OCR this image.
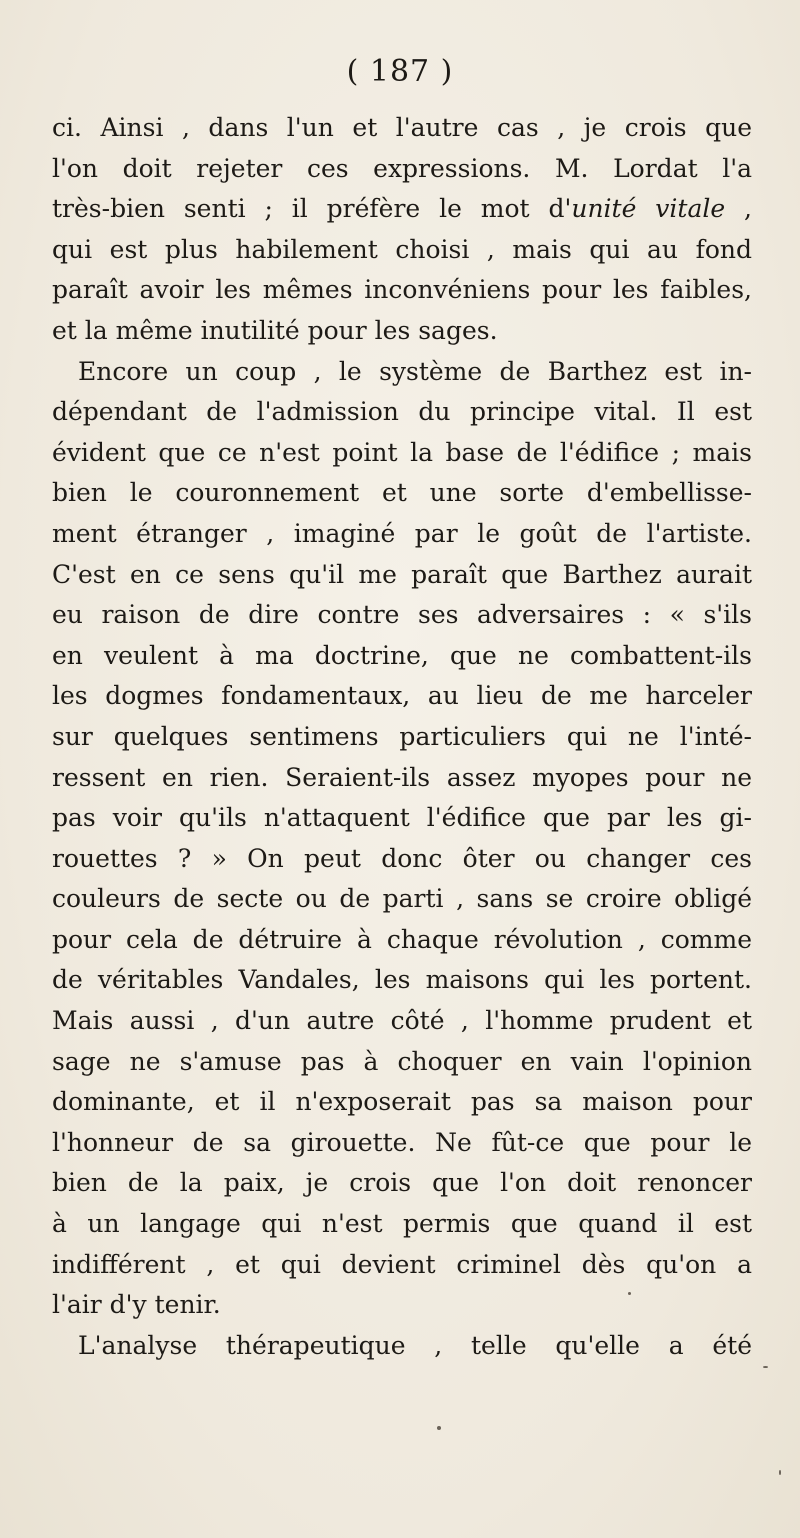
( 187 )
ci. Ainsi , dans l'un et l'autre cas , je crois que
l'on doit rejeter ces expressions. M. Lordat l'a
très-bien senti ; il préfère le mot d'unité vitale ,
qui est plus habilement choisi , mais qui au fond
paraît avoir les mêmes inconvéniens pour les faibles,
et la même inutilité pour les sages.
Encore un coup , le système de Barthez est in-
dépendant de l'admission du principe vital. Il est
évident que ce n'est point la base de l'édifice ; mais
bien le couronnement et une sorte d'embellisse-
ment étranger , imaginé par le goût de l'artiste.
C'est en ce sens qu'il me paraît que Barthez aurait
eu raison de dire contre ses adversaires : « s'ils
en veulent à ma doctrine, que ne combattent-ils
les dogmes fondamentaux, au lieu de me harceler
sur quelques sentimens particuliers qui ne l'inté-
ressent en rien. Seraient-ils assez myopes pour ne
pas voir qu'ils n'attaquent l'édifice que par les gi-
rouettes ? » On peut donc ôter ou changer ces
couleurs de secte ou de parti , sans se croire obligé
pour cela de détruire à chaque révolution , comme
de véritables Vandales, les maisons qui les portent.
Mais aussi , d'un autre côté , l'homme prudent et
sage ne s'amuse pas à choquer en vain l'opinion
dominante, et il n'exposerait pas sa maison pour
l'honneur de sa girouette. Ne fût-ce que pour le
bien de la paix, je crois que l'on doit renoncer
à un langage qui n'est permis que quand il est
indifférent , et qui devient criminel dès qu'on a
l'air d'y tenir.
L'analyse thérapeutique , telle qu'elle a été
